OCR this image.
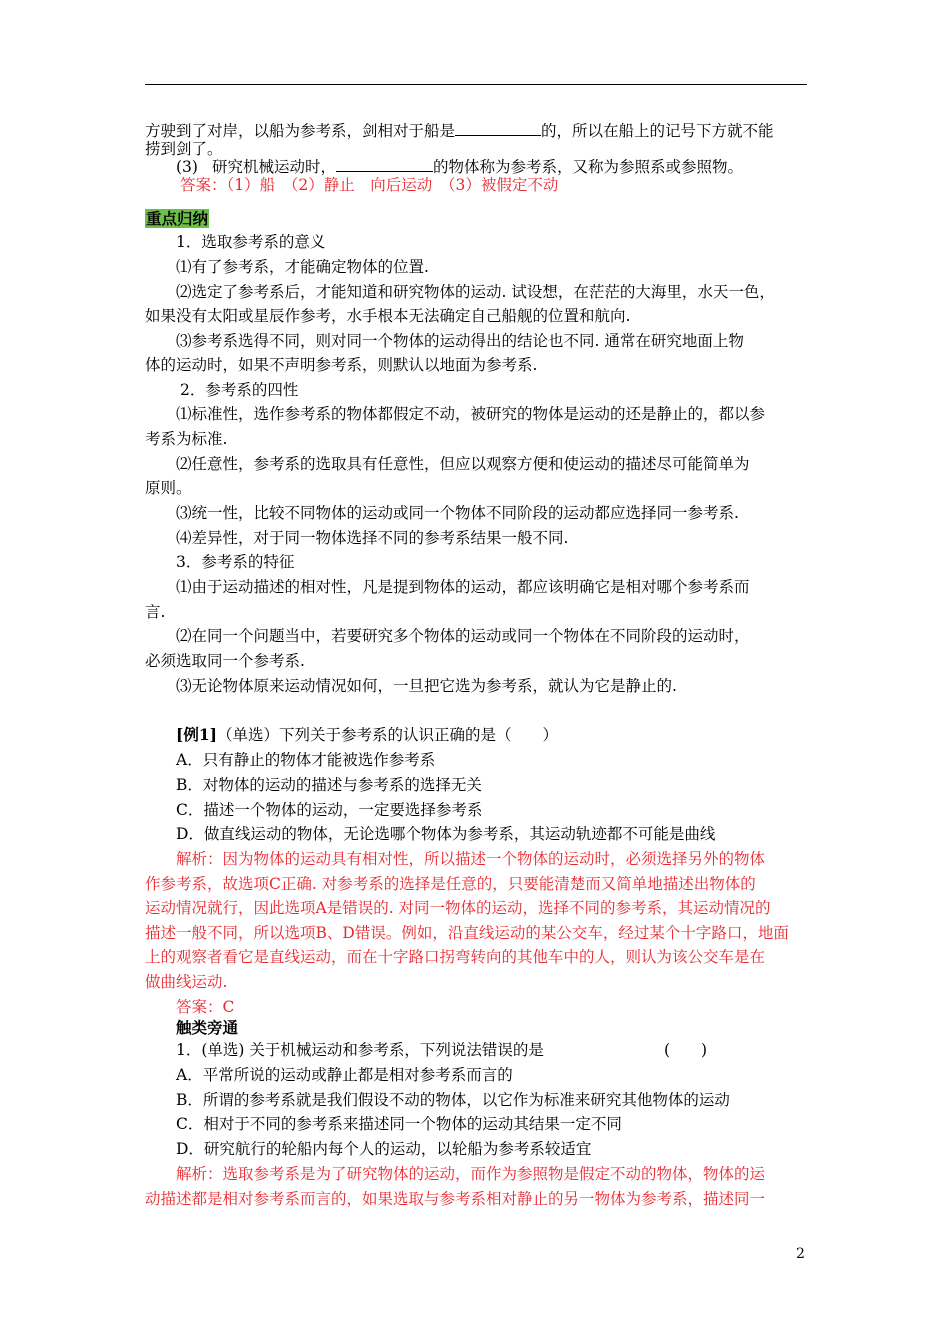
方驶到了对岸，以船为参考系，剑相对于船是	的，所以在船上的记号下方就不能
捞到剑了。
(3) 研究机械运动时，	的物体称为参考系，又称为参照系或参照物。
答案：（1）船　（2）静止　向后运动　（3）被假定不动
重点归纳
1．选取参考系的意义
⑴有了参考系，才能确定物体的位置.
⑵选定了参考系后，才能知道和研究物体的运动. 试设想，在茫茫的大海里，水天一色，
如果没有太阳或星辰作参考，水手根本无法确定自己船舰的位置和航向.
⑶参考系选得不同，则对同一个物体的运动得出的结论也不同. 通常在研究地面上物
体的运动时，如果不声明参考系，则默认以地面为参考系.
2．参考系的四性
⑴标准性，选作参考系的物体都假定不动，被研究的物体是运动的还是静止的，都以参
考系为标准.
⑵任意性，参考系的选取具有任意性，但应以观察方便和使运动的描述尽可能简单为
原则。
⑶统一性，比较不同物体的运动或同一个物体不同阶段的运动都应选择同一参考系.
⑷差异性，对于同一物体选择不同的参考系结果一般不同.
3．参考系的特征
⑴由于运动描述的相对性，凡是提到物体的运动，都应该明确它是相对哪个参考系而
言.
⑵在同一个问题当中，若要研究多个物体的运动或同一个物体在不同阶段的运动时，
必须选取同一个参考系.
⑶无论物体原来运动情况如何，一旦把它选为参考系，就认为它是静止的.
[例1]（单选）下列关于参考系的认识正确的是（　　）
A．只有静止的物体才能被选作参考系
B．对物体的运动的描述与参考系的选择无关
C．描述一个物体的运动，一定要选择参考系
D．做直线运动的物体，无论选哪个物体为参考系，其运动轨迹都不可能是曲线
解析：因为物体的运动具有相对性，所以描述一个物体的运动时，必须选择另外的物体
作参考系，故选项C正确. 对参考系的选择是任意的，只要能清楚而又简单地描述出物体的
运动情况就行，因此选项A是错误的. 对同一物体的运动，选择不同的参考系，其运动情况的
描述一般不同，所以选项B、D错误。例如，沿直线运动的某公交车，经过某个十字路口，地面
上的观察者看它是直线运动，而在十字路口拐弯转向的其他车中的人，则认为该公交车是在
做曲线运动.
答案：C
触类旁通
1．(单选) 关于机械运动和参考系，下列说法错误的是	(　　)
A．平常所说的运动或静止都是相对参考系而言的
B．所谓的参考系就是我们假设不动的物体，以它作为标准来研究其他物体的运动
C．相对于不同的参考系来描述同一个物体的运动其结果一定不同
D．研究航行的轮船内每个人的运动，以轮船为参考系较适宜
解析：选取参考系是为了研究物体的运动，而作为参照物是假定不动的物体，物体的运
动描述都是相对参考系而言的，如果选取与参考系相对静止的另一物体为参考系，描述同一
2
